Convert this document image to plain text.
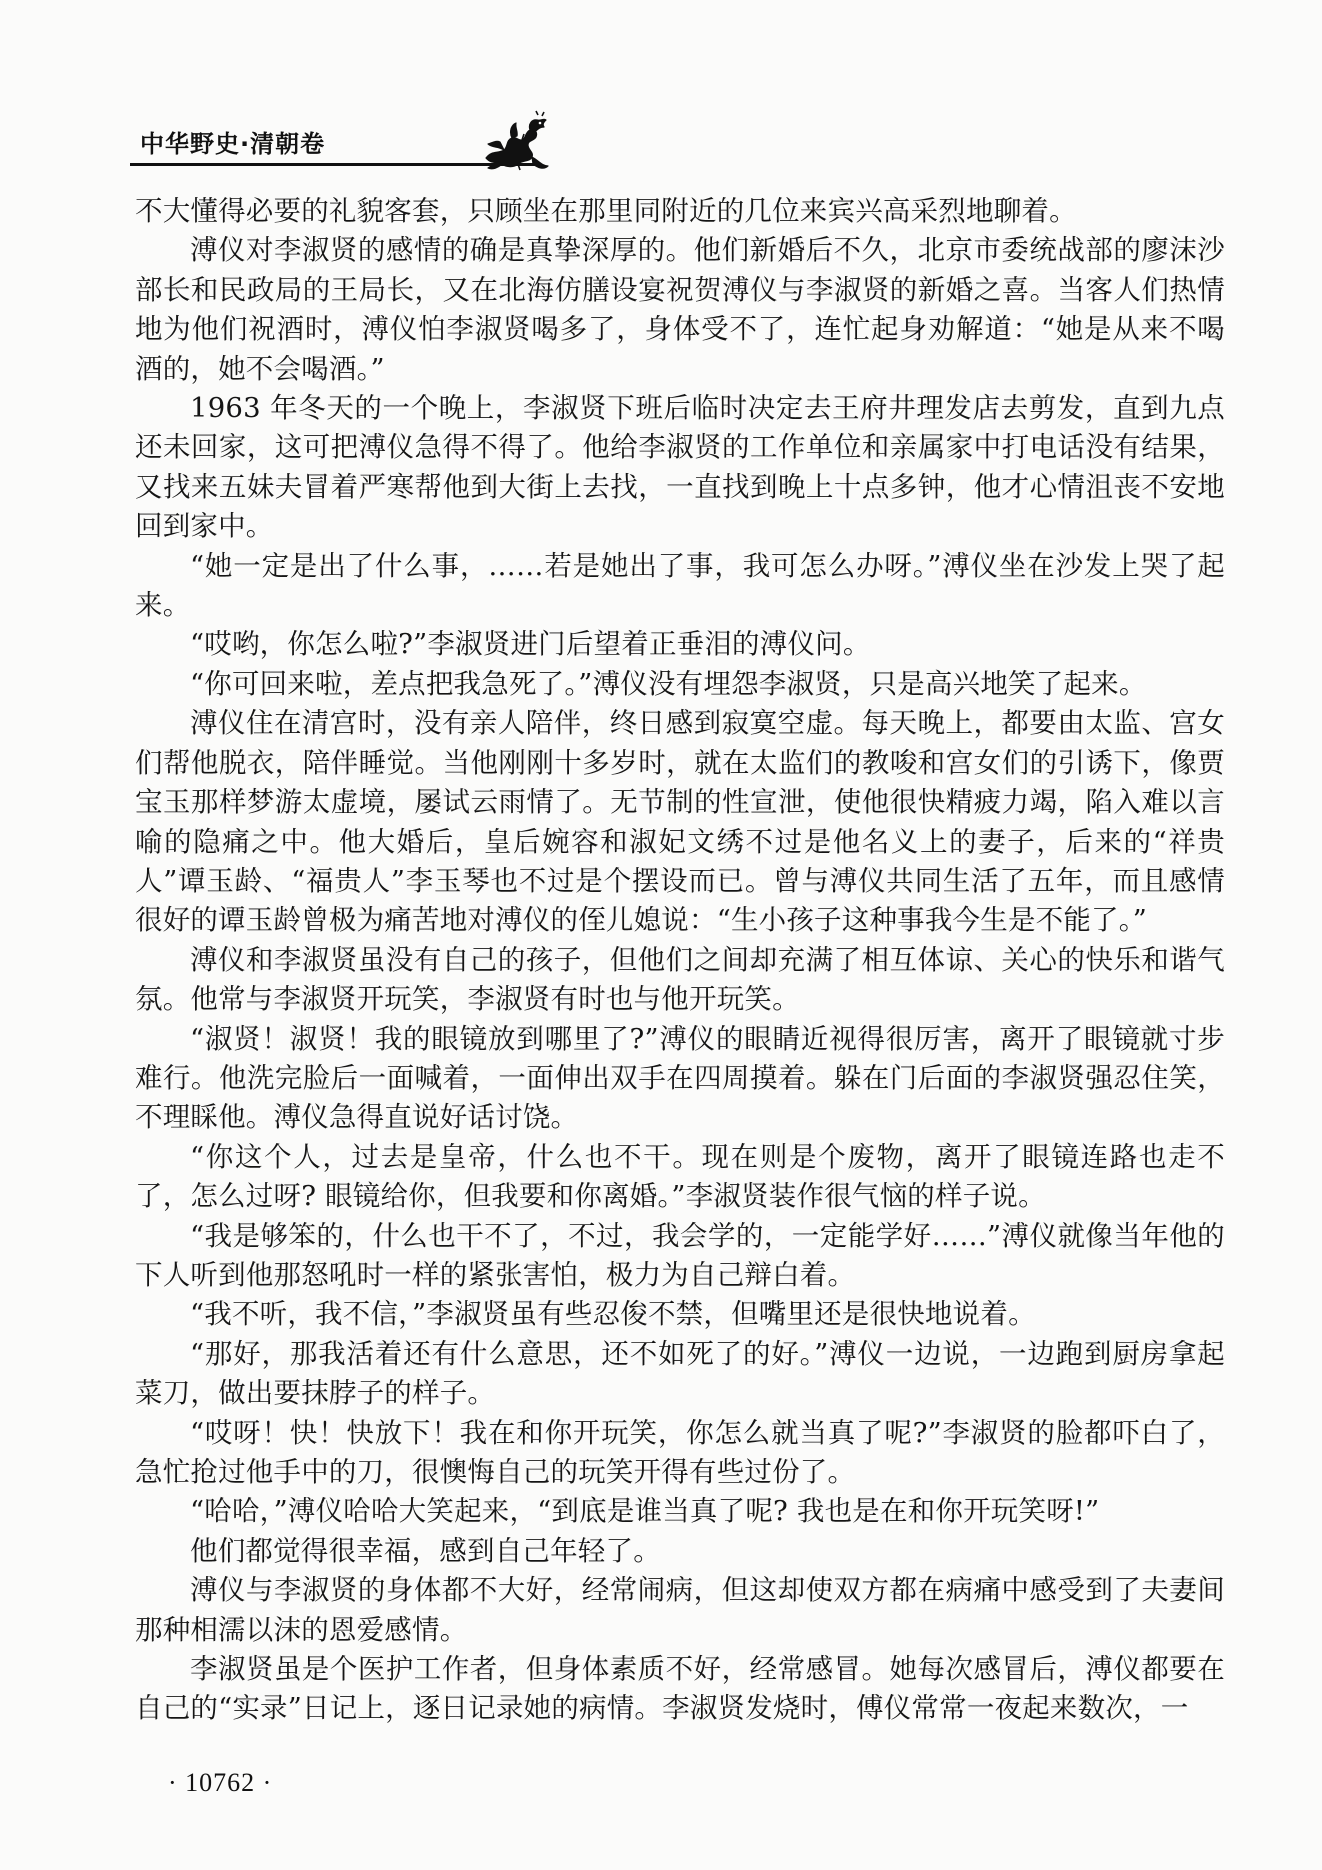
中华野史·清朝卷

不大懂得必要的礼貌客套，只顾坐在那里同附近的几位来宾兴高采烈地聊着。

溥仪对李淑贤的感情的确是真挚深厚的。他们新婚后不久，北京市委统战部的廖沫沙部长和民政局的王局长，又在北海仿膳设宴祝贺溥仪与李淑贤的新婚之喜。当客人们热情地为他们祝酒时，溥仪怕李淑贤喝多了，身体受不了，连忙起身劝解道：“她是从来不喝酒的，她不会喝酒。”

1963 年冬天的一个晚上，李淑贤下班后临时决定去王府井理发店去剪发，直到九点还未回家，这可把溥仪急得不得了。他给李淑贤的工作单位和亲属家中打电话没有结果，又找来五妹夫冒着严寒帮他到大街上去找，一直找到晚上十点多钟，他才心情沮丧不安地回到家中。

“她一定是出了什么事，……若是她出了事，我可怎么办呀。”溥仪坐在沙发上哭了起来。

“哎哟，你怎么啦?”李淑贤进门后望着正垂泪的溥仪问。

“你可回来啦，差点把我急死了。”溥仪没有埋怨李淑贤，只是高兴地笑了起来。

溥仪住在清宫时，没有亲人陪伴，终日感到寂寞空虚。每天晚上，都要由太监、宫女们帮他脱衣，陪伴睡觉。当他刚刚十多岁时，就在太监们的教唆和宫女们的引诱下，像贾宝玉那样梦游太虚境，屡试云雨情了。无节制的性宣泄，使他很快精疲力竭，陷入难以言喻的隐痛之中。他大婚后，皇后婉容和淑妃文绣不过是他名义上的妻子，后来的“祥贵人”谭玉龄、“福贵人”李玉琴也不过是个摆设而已。曾与溥仪共同生活了五年，而且感情很好的谭玉龄曾极为痛苦地对溥仪的侄儿媳说：“生小孩子这种事我今生是不能了。”

溥仪和李淑贤虽没有自己的孩子，但他们之间却充满了相互体谅、关心的快乐和谐气氛。他常与李淑贤开玩笑，李淑贤有时也与他开玩笑。

“淑贤！淑贤！我的眼镜放到哪里了?”溥仪的眼睛近视得很厉害，离开了眼镜就寸步难行。他洗完脸后一面喊着，一面伸出双手在四周摸着。躲在门后面的李淑贤强忍住笑，不理睬他。溥仪急得直说好话讨饶。

“你这个人，过去是皇帝，什么也不干。现在则是个废物，离开了眼镜连路也走不了，怎么过呀? 眼镜给你，但我要和你离婚。”李淑贤装作很气恼的样子说。

“我是够笨的，什么也干不了，不过，我会学的，一定能学好……”溥仪就像当年他的下人听到他那怒吼时一样的紧张害怕，极力为自己辩白着。

“我不听，我不信，”李淑贤虽有些忍俊不禁，但嘴里还是很快地说着。

“那好，那我活着还有什么意思，还不如死了的好。”溥仪一边说，一边跑到厨房拿起菜刀，做出要抹脖子的样子。

“哎呀！快！快放下！我在和你开玩笑，你怎么就当真了呢?”李淑贤的脸都吓白了，急忙抢过他手中的刀，很懊悔自己的玩笑开得有些过份了。

“哈哈，”溥仪哈哈大笑起来，“到底是谁当真了呢? 我也是在和你开玩笑呀!”

他们都觉得很幸福，感到自己年轻了。

溥仪与李淑贤的身体都不大好，经常闹病，但这却使双方都在病痛中感受到了夫妻间那种相濡以沫的恩爱感情。

李淑贤虽是个医护工作者，但身体素质不好，经常感冒。她每次感冒后，溥仪都要在自己的“实录”日记上，逐日记录她的病情。李淑贤发烧时，傅仪常常一夜起来数次，一

· 10762 ·
